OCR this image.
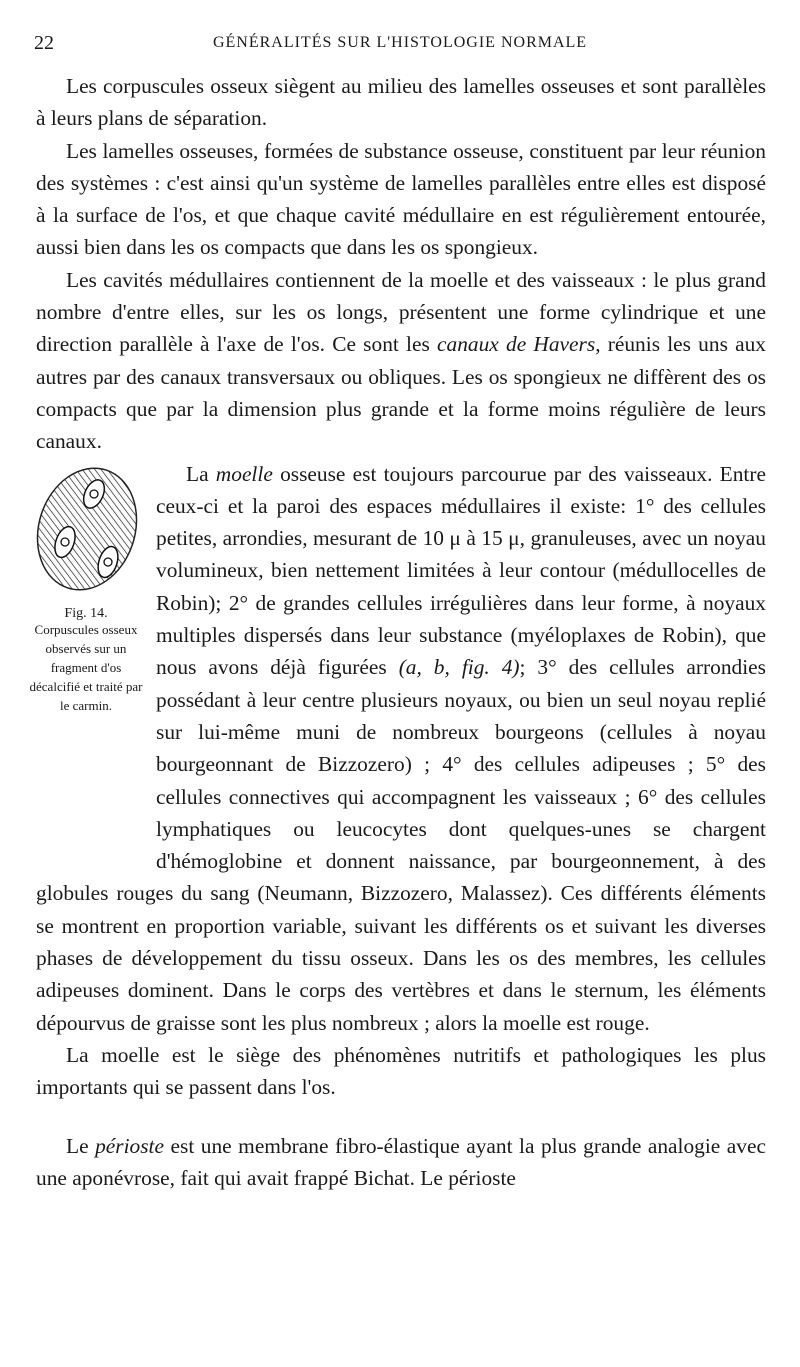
22	GÉNÉRALITÉS SUR L'HISTOLOGIE NORMALE

Les corpuscules osseux siègent au milieu des lamelles osseuses et sont parallèles à leurs plans de séparation.

Les lamelles osseuses, formées de substance osseuse, constituent par leur réunion des systèmes : c'est ainsi qu'un système de lamelles parallèles entre elles est disposé à la surface de l'os, et que chaque cavité médullaire en est régulièrement entourée, aussi bien dans les os compacts que dans les os spongieux.

Les cavités médullaires contiennent de la moelle et des vaisseaux : le plus grand nombre d'entre elles, sur les os longs, présentent une forme cylindrique et une direction parallèle à l'axe de l'os. Ce sont les canaux de Havers, réunis les uns aux autres par des canaux transversaux ou obliques. Les os spongieux ne diffèrent des os compacts que par la dimension plus grande et la forme moins régulière de leurs canaux.

Fig. 14.
Corpuscules osseux observés sur un fragment d'os décalcifié et traité par le carmin.

La moelle osseuse est toujours parcourue par des vaisseaux. Entre ceux-ci et la paroi des espaces médullaires il existe: 1° des cellules petites, arrondies, mesurant de 10 μ à 15 μ, granuleuses, avec un noyau volumineux, bien nettement limitées à leur contour (médullocelles de Robin); 2° de grandes cellules irrégulières dans leur forme, à noyaux multiples dispersés dans leur substance (myéloplaxes de Robin), que nous avons déjà figurées (a, b, fig. 4); 3° des cellules arrondies possédant à leur centre plusieurs noyaux, ou bien un seul noyau replié sur lui-même muni de nombreux bourgeons (cellules à noyau bourgeonnant de Bizzozero) ; 4° des cellules adipeuses ; 5° des cellules connectives qui accompagnent les vaisseaux ; 6° des cellules lymphatiques ou leucocytes dont quelques-unes se chargent d'hémoglobine et donnent naissance, par bourgeonnement, à des globules rouges du sang (Neumann, Bizzozero, Malassez). Ces différents éléments se montrent en proportion variable, suivant les différents os et suivant les diverses phases de développement du tissu osseux. Dans les os des membres, les cellules adipeuses dominent. Dans le corps des vertèbres et dans le sternum, les éléments dépourvus de graisse sont les plus nombreux ; alors la moelle est rouge.

La moelle est le siège des phénomènes nutritifs et pathologiques les plus importants qui se passent dans l'os.

Le périoste est une membrane fibro-élastique ayant la plus grande analogie avec une aponévrose, fait qui avait frappé Bichat. Le périoste
